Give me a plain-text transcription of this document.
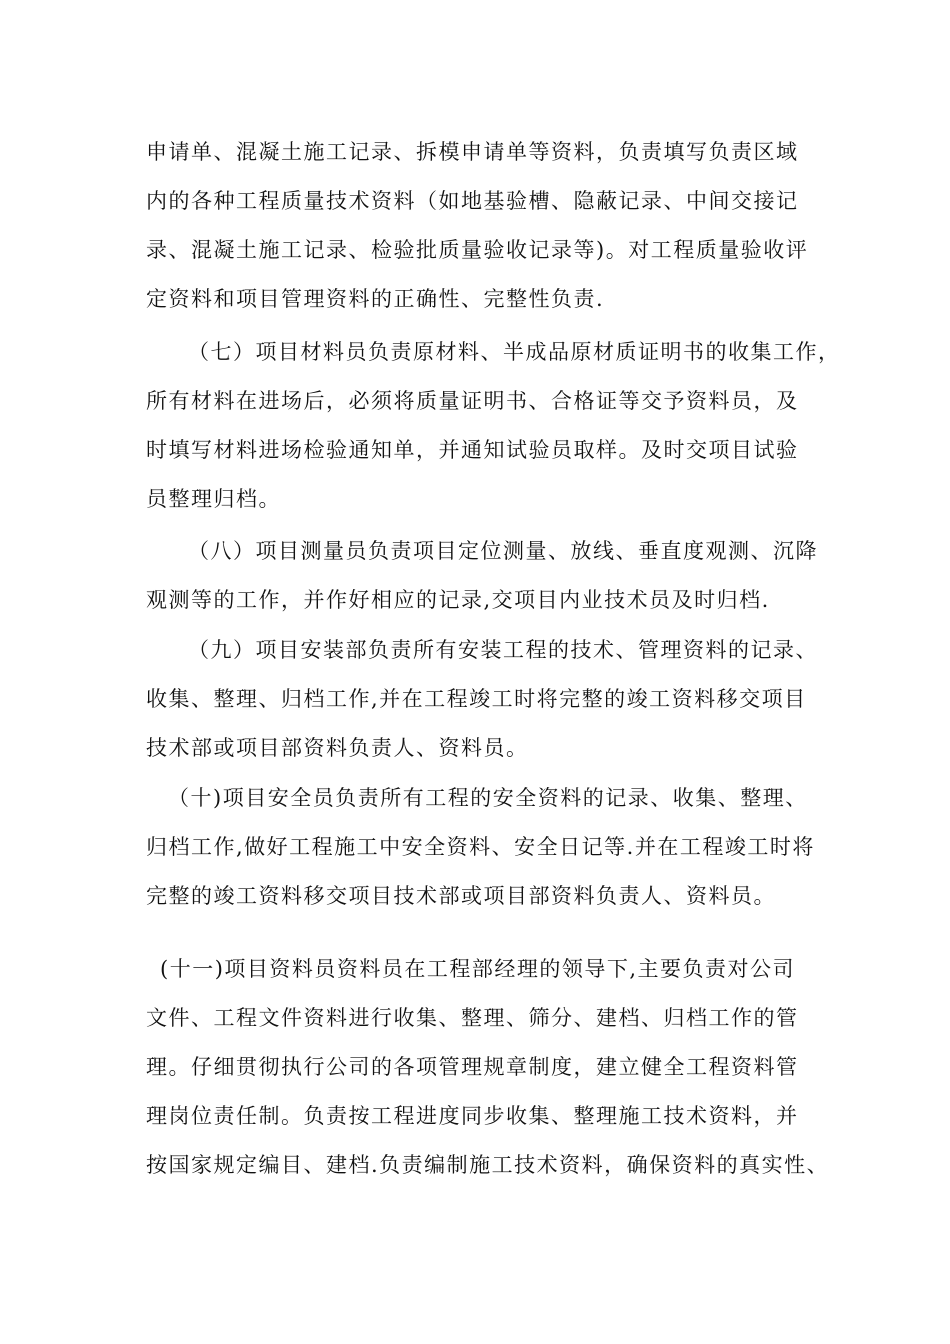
申请单、混凝土施工记录、拆模申请单等资料，负责填写负责区域
内的各种工程质量技术资料（如地基验槽、隐蔽记录、中间交接记
录、混凝土施工记录、检验批质量验收记录等)。对工程质量验收评
定资料和项目管理资料的正确性、完整性负责.
（七）项目材料员负责原材料、半成品原材质证明书的收集工作，
所有材料在进场后，必须将质量证明书、合格证等交予资料员，及
时填写材料进场检验通知单，并通知试验员取样。及时交项目试验
员整理归档。
（八）项目测量员负责项目定位测量、放线、垂直度观测、沉降
观测等的工作，并作好相应的记录,交项目内业技术员及时归档.
（九）项目安装部负责所有安装工程的技术、管理资料的记录、
收集、整理、归档工作,并在工程竣工时将完整的竣工资料移交项目
技术部或项目部资料负责人、资料员。
（十)项目安全员负责所有工程的安全资料的记录、收集、整理、
归档工作,做好工程施工中安全资料、安全日记等.并在工程竣工时将
完整的竣工资料移交项目技术部或项目部资料负责人、资料员。
(十一)项目资料员资料员在工程部经理的领导下,主要负责对公司
文件、工程文件资料进行收集、整理、筛分、建档、归档工作的管
理。仔细贯彻执行公司的各项管理规章制度，建立健全工程资料管
理岗位责任制。负责按工程进度同步收集、整理施工技术资料，并
按国家规定编目、建档.负责编制施工技术资料，确保资料的真实性、
